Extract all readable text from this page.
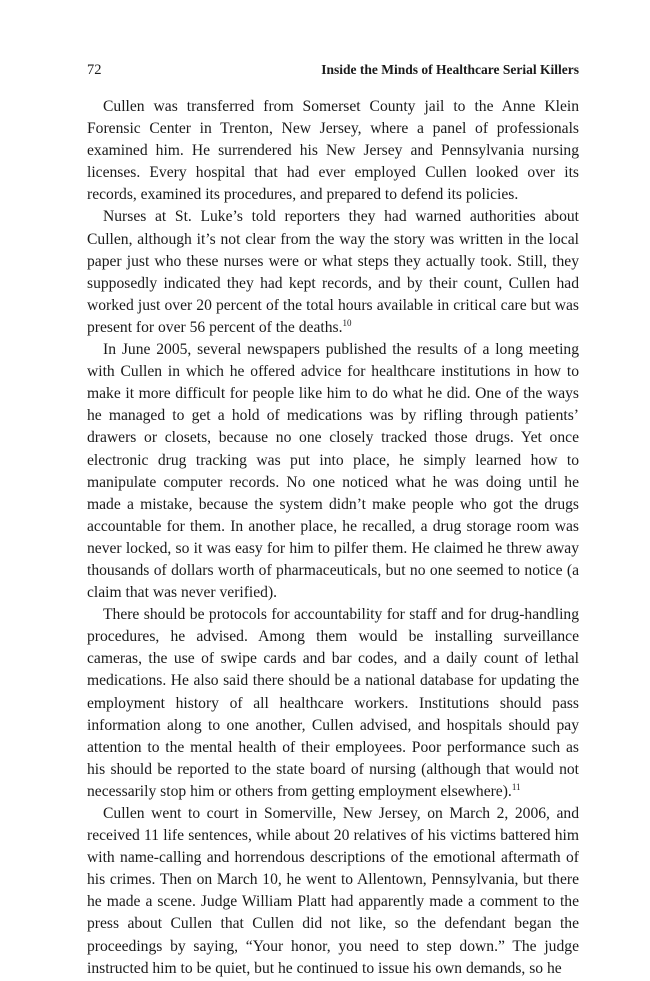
72	Inside the Minds of Healthcare Serial Killers

Cullen was transferred from Somerset County jail to the Anne Klein Forensic Center in Trenton, New Jersey, where a panel of professionals examined him. He surrendered his New Jersey and Pennsylvania nursing licenses. Every hospital that had ever employed Cullen looked over its records, examined its procedures, and prepared to defend its policies.

Nurses at St. Luke’s told reporters they had warned authorities about Cullen, although it’s not clear from the way the story was written in the local paper just who these nurses were or what steps they actually took. Still, they supposedly indicated they had kept records, and by their count, Cullen had worked just over 20 percent of the total hours available in critical care but was present for over 56 percent of the deaths.$^{10}$

In June 2005, several newspapers published the results of a long meeting with Cullen in which he offered advice for healthcare institutions in how to make it more difficult for people like him to do what he did. One of the ways he managed to get a hold of medications was by rifling through patients’ drawers or closets, because no one closely tracked those drugs. Yet once electronic drug tracking was put into place, he simply learned how to manipulate computer records. No one noticed what he was doing until he made a mistake, because the system didn’t make people who got the drugs accountable for them. In another place, he recalled, a drug storage room was never locked, so it was easy for him to pilfer them. He claimed he threw away thousands of dollars worth of pharmaceuticals, but no one seemed to notice (a claim that was never verified).

There should be protocols for accountability for staff and for drug-handling procedures, he advised. Among them would be installing surveillance cameras, the use of swipe cards and bar codes, and a daily count of lethal medications. He also said there should be a national database for updating the employment history of all healthcare workers. Institutions should pass information along to one another, Cullen advised, and hospitals should pay attention to the mental health of their employees. Poor performance such as his should be reported to the state board of nursing (although that would not necessarily stop him or others from getting employment elsewhere).$^{11}$

Cullen went to court in Somerville, New Jersey, on March 2, 2006, and received 11 life sentences, while about 20 relatives of his victims battered him with name-calling and horrendous descriptions of the emotional aftermath of his crimes. Then on March 10, he went to Allentown, Pennsylvania, but there he made a scene. Judge William Platt had apparently made a comment to the press about Cullen that Cullen did not like, so the defendant began the proceedings by saying, “Your honor, you need to step down.” The judge instructed him to be quiet, but he continued to issue his own demands, so he
